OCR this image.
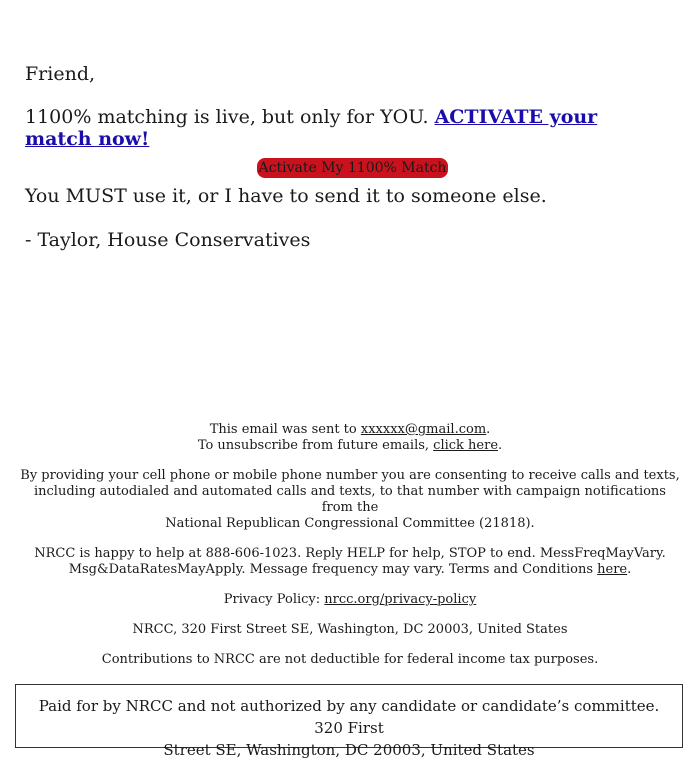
Friend,

1100% matching is live, but only for YOU. ACTIVATE your match now!

Activate My 1100% Match

You MUST use it, or I have to send it to someone else.

- Taylor, House Conservatives

This email was sent to xxxxxx@gmail.com.
To unsubscribe from future emails, click here.

By providing your cell phone or mobile phone number you are consenting to receive calls and texts,
including autodialed and automated calls and texts, to that number with campaign notifications from the
National Republican Congressional Committee (21818).

NRCC is happy to help at 888-606-1023. Reply HELP for help, STOP to end. MessFreqMayVary.
Msg&DataRatesMayApply. Message frequency may vary. Terms and Conditions here.

Privacy Policy: nrcc.org/privacy-policy

NRCC, 320 First Street SE, Washington, DC 20003, United States

Contributions to NRCC are not deductible for federal income tax purposes.

Paid for by NRCC and not authorized by any candidate or candidate’s committee. 320 First
Street SE, Washington, DC 20003, United States
